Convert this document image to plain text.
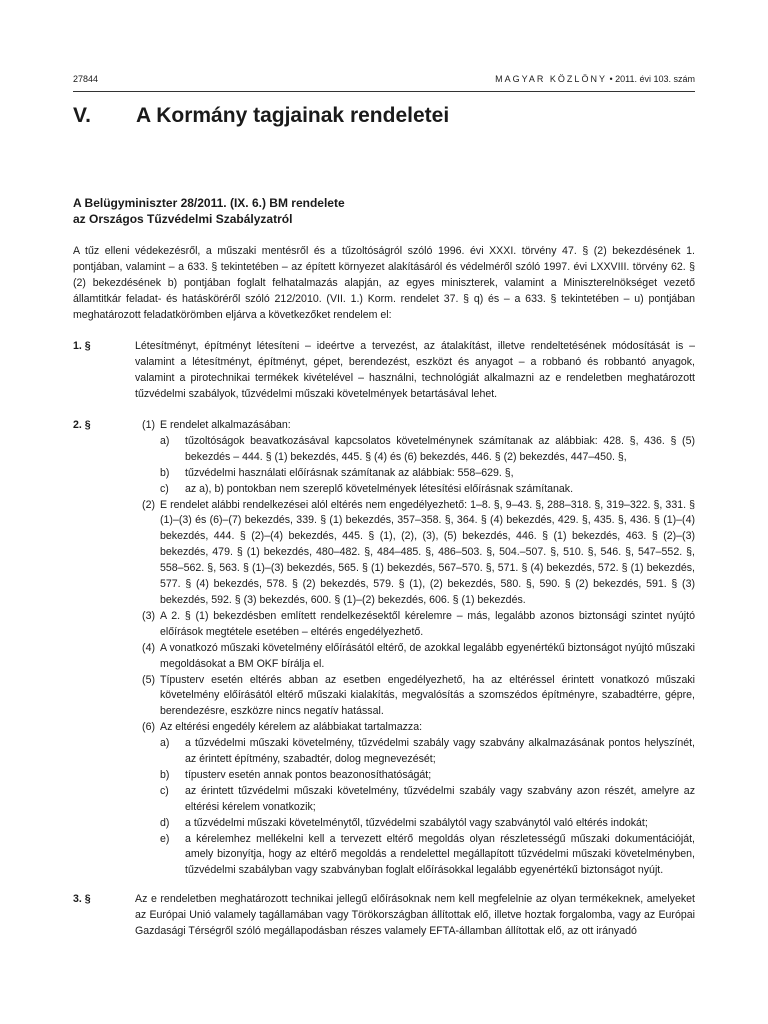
27844	MAGYAR KÖZLÖNY • 2011. évi 103. szám
V. A Kormány tagjainak rendeletei
A Belügyminiszter 28/2011. (IX. 6.) BM rendelete
az Országos Tűzvédelmi Szabályzatról
A tűz elleni védekezésről, a műszaki mentésről és a tűzoltóságról szóló 1996. évi XXXI. törvény 47. § (2) bekezdésének 1. pontjában, valamint – a 633. § tekintetében – az épített környezet alakításáról és védelméről szóló 1997. évi LXXVIII. törvény 62. § (2) bekezdésének b) pontjában foglalt felhatalmazás alapján, az egyes miniszterek, valamint a Miniszterelnökséget vezető államtitkár feladat- és hatásköréről szóló 212/2010. (VII. 1.) Korm. rendelet 37. § q) és – a 633. § tekintetében – u) pontjában meghatározott feladatkörömben eljárva a következőket rendelem el:
1. §	Létesítményt, építményt létesíteni – ideértve a tervezést, az átalakítást, illetve rendeltetésének módosítását is – valamint a létesítményt, építményt, gépet, berendezést, eszközt és anyagot – a robbanó és robbantó anyagok, valamint a pirotechnikai termékek kivételével – használni, technológiát alkalmazni az e rendeletben meghatározott tűzvédelmi szabályok, tűzvédelmi műszaki követelmények betartásával lehet.
2. §	(1) E rendelet alkalmazásában:
a) tűzoltóságok beavatkozásával kapcsolatos követelménynek számítanak az alábbiak: 428. §, 436. § (5) bekezdés – 444. § (1) bekezdés, 445. § (4) és (6) bekezdés, 446. § (2) bekezdés, 447–450. §,
b) tűzvédelmi használati előírásnak számítanak az alábbiak: 558–629. §,
c) az a), b) pontokban nem szereplő követelmények létesítési előírásnak számítanak.
(2) E rendelet alábbi rendelkezései alól eltérés nem engedélyezhető: 1–8. §, 9–43. §, 288–318. §, 319–322. §, 331. § (1)–(3) és (6)–(7) bekezdés, 339. § (1) bekezdés, 357–358. §, 364. § (4) bekezdés, 429. §, 435. §, 436. § (1)–(4) bekezdés, 444. § (2)–(4) bekezdés, 445. § (1), (2), (3), (5) bekezdés, 446. § (1) bekezdés, 463. § (2)–(3) bekezdés, 479. § (1) bekezdés, 480–482. §, 484–485. §, 486–503. §, 504.–507. §, 510. §, 546. §, 547–552. §, 558–562. §, 563. § (1)–(3) bekezdés, 565. § (1) bekezdés, 567–570. §, 571. § (4) bekezdés, 572. § (1) bekezdés, 577. § (4) bekezdés, 578. § (2) bekezdés, 579. § (1), (2) bekezdés, 580. §, 590. § (2) bekezdés, 591. § (3) bekezdés, 592. § (3) bekezdés, 600. § (1)–(2) bekezdés, 606. § (1) bekezdés.
(3) A 2. § (1) bekezdésben említett rendelkezésektől kérelemre – más, legalább azonos biztonsági szintet nyújtó előírások megtétele esetében – eltérés engedélyezhető.
(4) A vonatkozó műszaki követelmény előírásától eltérő, de azokkal legalább egyenértékű biztonságot nyújtó műszaki megoldásokat a BM OKF bírálja el.
(5) Típusterv esetén eltérés abban az esetben engedélyezhető, ha az eltéréssel érintett vonatkozó műszaki követelmény előírásától eltérő műszaki kialakítás, megvalósítás a szomszédos építményre, szabadtérre, gépre, berendezésre, eszközre nincs negatív hatással.
(6) Az eltérési engedély kérelem az alábbiakat tartalmazza:
a) a tűzvédelmi műszaki követelmény, tűzvédelmi szabály vagy szabvány alkalmazásának pontos helyszínét, az érintett építmény, szabadtér, dolog megnevezését;
b) típusterv esetén annak pontos beazonosíthatóságát;
c) az érintett tűzvédelmi műszaki követelmény, tűzvédelmi szabály vagy szabvány azon részét, amelyre az eltérési kérelem vonatkozik;
d) a tűzvédelmi műszaki követelménytől, tűzvédelmi szabálytól vagy szabványtól való eltérés indokát;
e) a kérelemhez mellékelni kell a tervezett eltérő megoldás olyan részletességű műszaki dokumentációját, amely bizonyítja, hogy az eltérő megoldás a rendelettel megállapított tűzvédelmi műszaki követelményben, tűzvédelmi szabályban vagy szabványban foglalt előírásokkal legalább egyenértékű biztonságot nyújt.
3. §	Az e rendeletben meghatározott technikai jellegű előírásoknak nem kell megfelelnie az olyan termékeknek, amelyeket az Európai Unió valamely tagállamában vagy Törökországban állítottak elő, illetve hoztak forgalomba, vagy az Európai Gazdasági Térségről szóló megállapodásban részes valamely EFTA-államban állítottak elő, az ott irányadó
